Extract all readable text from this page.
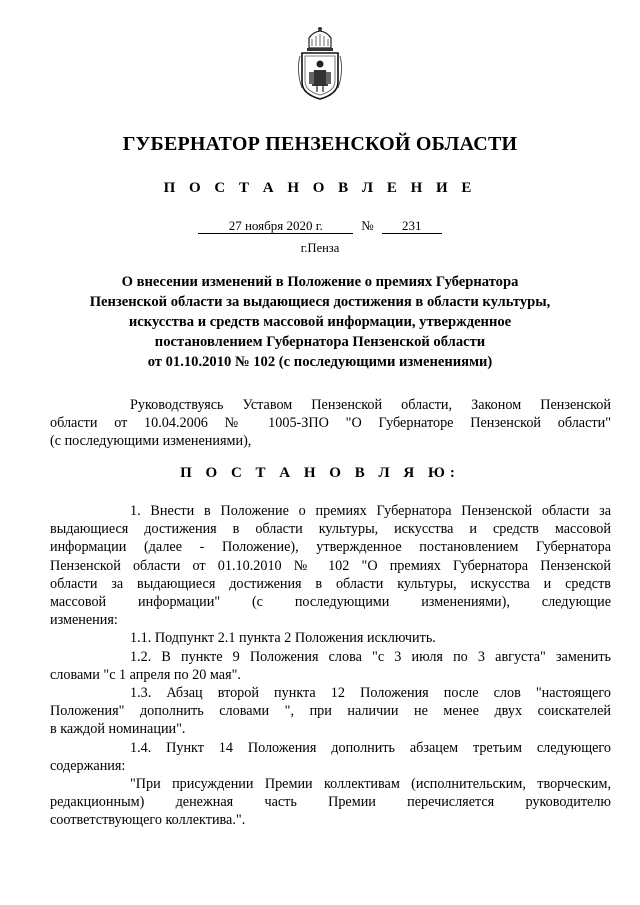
ГУБЕРНАТОР ПЕНЗЕНСКОЙ ОБЛАСТИ
П О С Т А Н О В Л Е Н И Е
27 ноября 2020 г.	№ 231
г.Пенза
О внесении изменений в Положение о премиях Губернатора
Пензенской области за выдающиеся достижения в области культуры,
искусства и средств массовой информации, утвержденное
постановлением Губернатора Пензенской области
от 01.10.2010 № 102 (с последующими изменениями)

Руководствуясь Уставом Пензенской области, Законом Пензенской
области от 10.04.2006 № 1005-ЗПО "О Губернаторе Пензенской области"
(с последующими изменениями),

П О С Т А Н О В Л Я Ю:

1. Внести в Положение о премиях Губернатора Пензенской области за
выдающиеся достижения в области культуры, искусства и средств массовой
информации (далее - Положение), утвержденное постановлением Губернатора
Пензенской области от 01.10.2010 № 102 "О премиях Губернатора Пензенской
области за выдающиеся достижения в области культуры, искусства и средств
массовой информации" (с последующими изменениями), следующие
изменения:

1.1. Подпункт 2.1 пункта 2 Положения исключить.

1.2. В пункте 9 Положения слова "с 3 июля по 3 августа" заменить
словами "с 1 апреля по 20 мая".

1.3. Абзац второй пункта 12 Положения после слов "настоящего
Положения" дополнить словами ", при наличии не менее двух соискателей
в каждой номинации".

1.4. Пункт 14 Положения дополнить абзацем третьим следующего
содержания:

"При присуждении Премии коллективам (исполнительским, творческим,
редакционным) денежная часть Премии перечисляется руководителю
соответствующего коллектива.".
